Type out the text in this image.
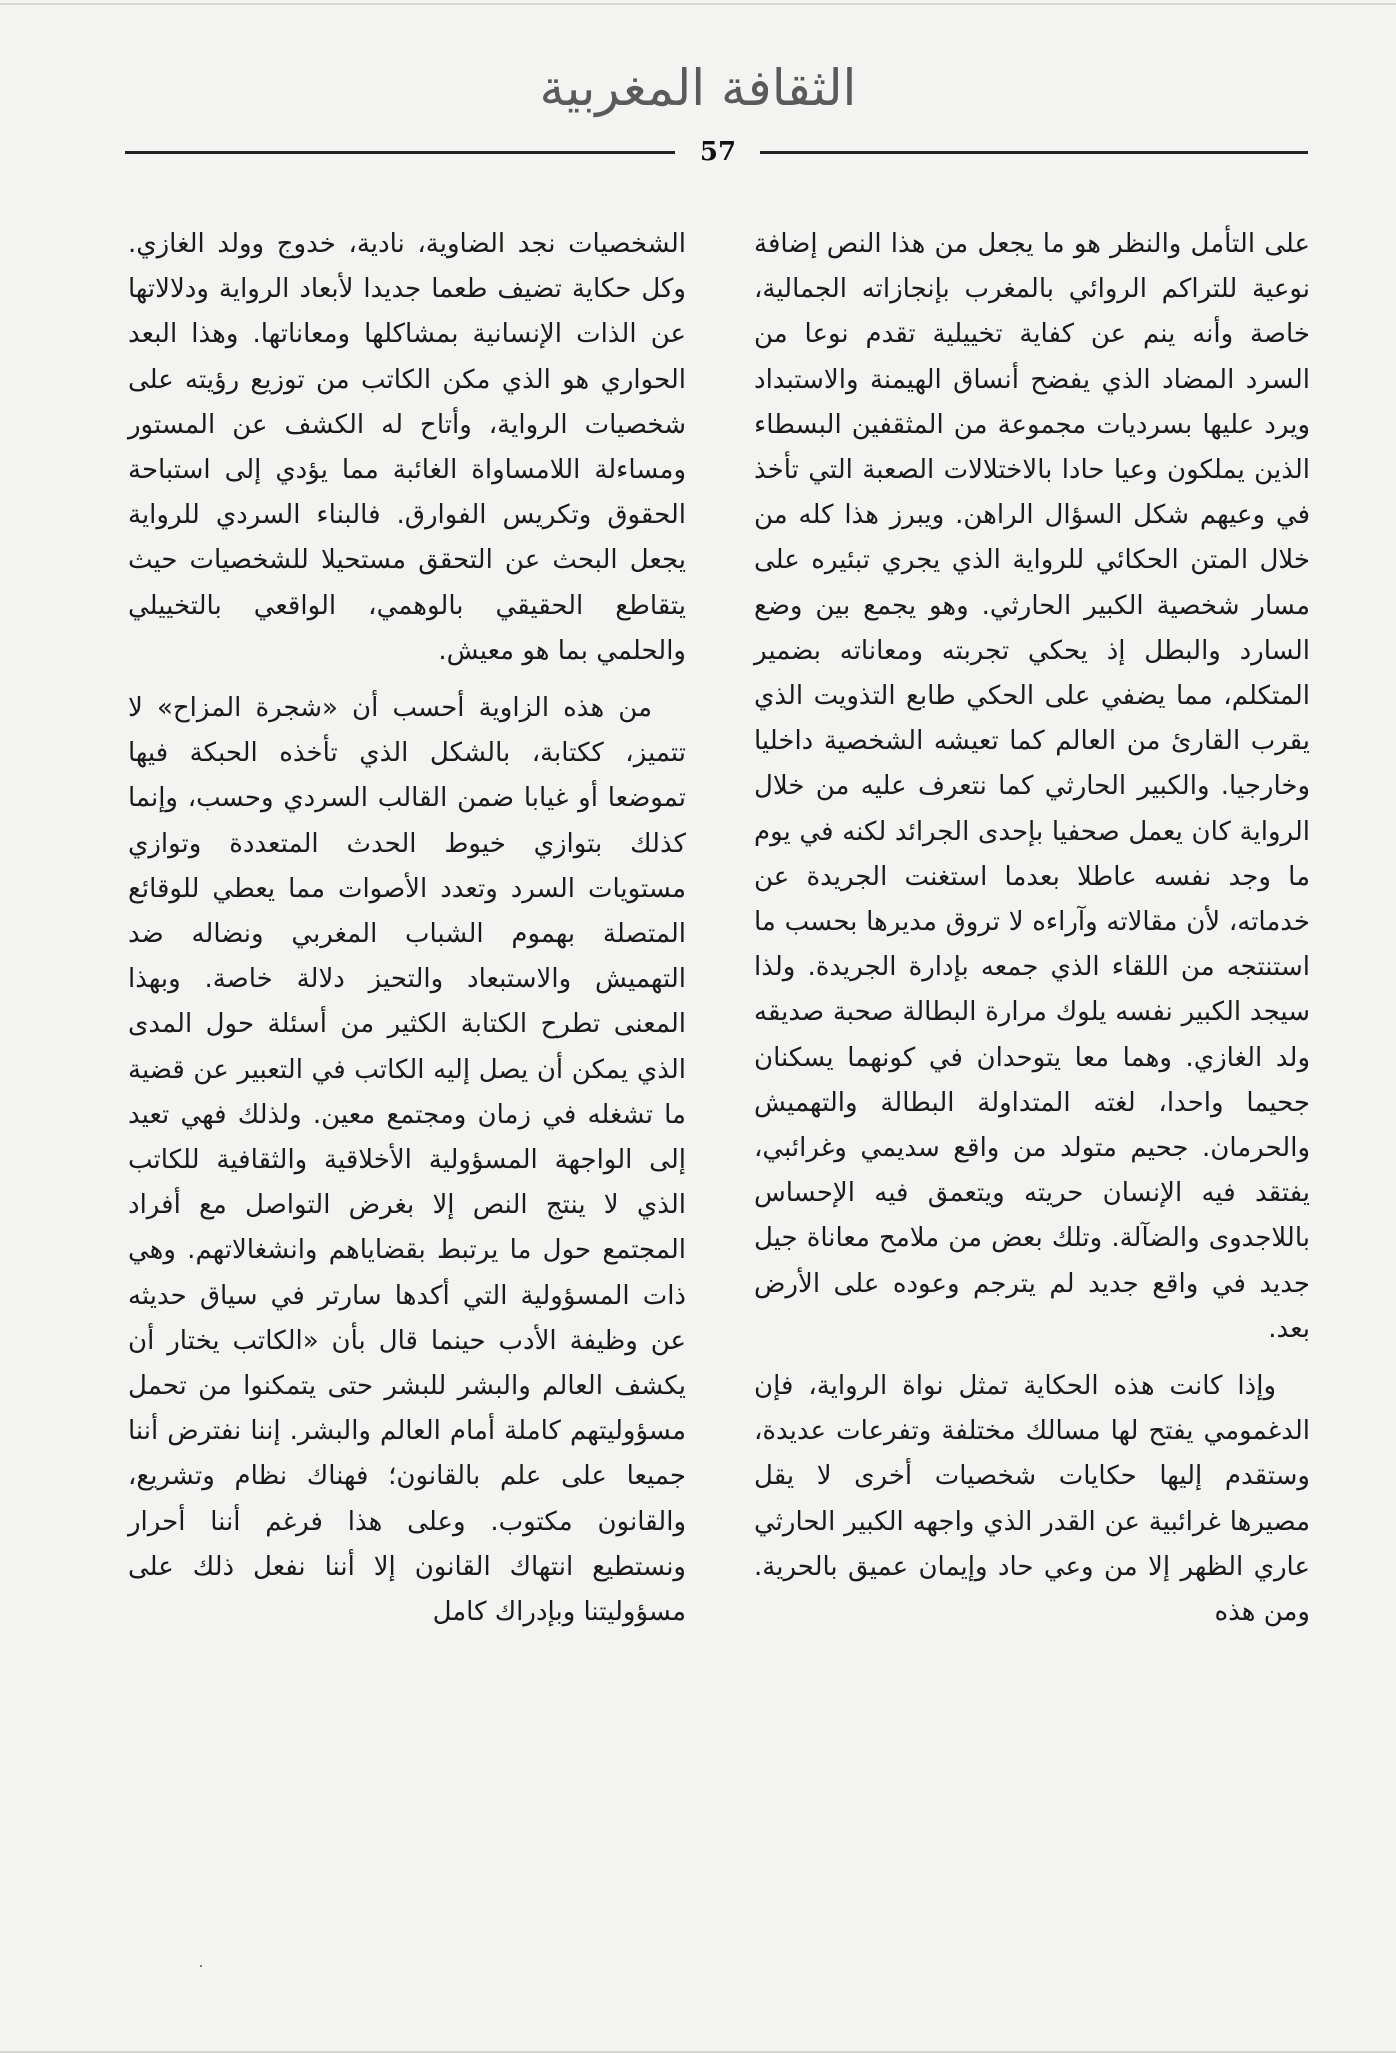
الثقافة المغربية
57

على التأمل والنظر هو ما يجعل من هذا النص إضافة نوعية للتراكم الروائي بالمغرب بإنجازاته الجمالية، خاصة وأنه ينم عن كفاية تخييلية تقدم نوعا من السرد المضاد الذي يفضح أنساق الهيمنة والاستبداد ويرد عليها بسرديات مجموعة من المثقفين البسطاء الذين يملكون وعيا حادا بالاختلالات الصعبة التي تأخذ في وعيهم شكل السؤال الراهن. ويبرز هذا كله من خلال المتن الحكائي للرواية الذي يجري تبئيره على مسار شخصية الكبير الحارثي. وهو يجمع بين وضع السارد والبطل إذ يحكي تجربته ومعاناته بضمير المتكلم، مما يضفي على الحكي طابع التذويت الذي يقرب القارئ من العالم كما تعيشه الشخصية داخليا وخارجيا. والكبير الحارثي كما نتعرف عليه من خلال الرواية كان يعمل صحفيا بإحدى الجرائد لكنه في يوم ما وجد نفسه عاطلا بعدما استغنت الجريدة عن خدماته، لأن مقالاته وآراءه لا تروق مديرها بحسب ما استنتجه من اللقاء الذي جمعه بإدارة الجريدة. ولذا سيجد الكبير نفسه يلوك مرارة البطالة صحبة صديقه ولد الغازي. وهما معا يتوحدان في كونهما يسكنان جحيما واحدا، لغته المتداولة البطالة والتهميش والحرمان. جحيم متولد من واقع سديمي وغرائبي، يفتقد فيه الإنسان حريته ويتعمق فيه الإحساس باللاجدوى والضآلة. وتلك بعض من ملامح معاناة جيل جديد في واقع جديد لم يترجم وعوده على الأرض بعد.

وإذا كانت هذه الحكاية تمثل نواة الرواية، فإن الدغمومي يفتح لها مسالك مختلفة وتفرعات عديدة، وستقدم إليها حكايات شخصيات أخرى لا يقل مصيرها غرائبية عن القدر الذي واجهه الكبير الحارثي عاري الظهر إلا من وعي حاد وإيمان عميق بالحرية. ومن هذه

الشخصيات نجد الضاوية، نادية، خدوج وولد الغازي. وكل حكاية تضيف طعما جديدا لأبعاد الرواية ودلالاتها عن الذات الإنسانية بمشاكلها ومعاناتها. وهذا البعد الحواري هو الذي مكن الكاتب من توزيع رؤيته على شخصيات الرواية، وأتاح له الكشف عن المستور ومساءلة اللامساواة الغائبة مما يؤدي إلى استباحة الحقوق وتكريس الفوارق. فالبناء السردي للرواية يجعل البحث عن التحقق مستحيلا للشخصيات حيث يتقاطع الحقيقي بالوهمي، الواقعي بالتخييلي والحلمي بما هو معيش.

من هذه الزاوية أحسب أن «شجرة المزاح» لا تتميز، ككتابة، بالشكل الذي تأخذه الحبكة فيها تموضعا أو غيابا ضمن القالب السردي وحسب، وإنما كذلك بتوازي خيوط الحدث المتعددة وتوازي مستويات السرد وتعدد الأصوات مما يعطي للوقائع المتصلة بهموم الشباب المغربي ونضاله ضد التهميش والاستبعاد والتحيز دلالة خاصة. وبهذا المعنى تطرح الكتابة الكثير من أسئلة حول المدى الذي يمكن أن يصل إليه الكاتب في التعبير عن قضية ما تشغله في زمان ومجتمع معين. ولذلك فهي تعيد إلى الواجهة المسؤولية الأخلاقية والثقافية للكاتب الذي لا ينتج النص إلا بغرض التواصل مع أفراد المجتمع حول ما يرتبط بقضاياهم وانشغالاتهم. وهي ذات المسؤولية التي أكدها سارتر في سياق حديثه عن وظيفة الأدب حينما قال بأن «الكاتب يختار أن يكشف العالم والبشر للبشر حتى يتمكنوا من تحمل مسؤوليتهم كاملة أمام العالم والبشر. إننا نفترض أننا جميعا على علم بالقانون؛ فهناك نظام وتشريع، والقانون مكتوب. وعلى هذا فرغم أننا أحرار ونستطيع انتهاك القانون إلا أننا نفعل ذلك على مسؤوليتنا وبإدراك كامل
